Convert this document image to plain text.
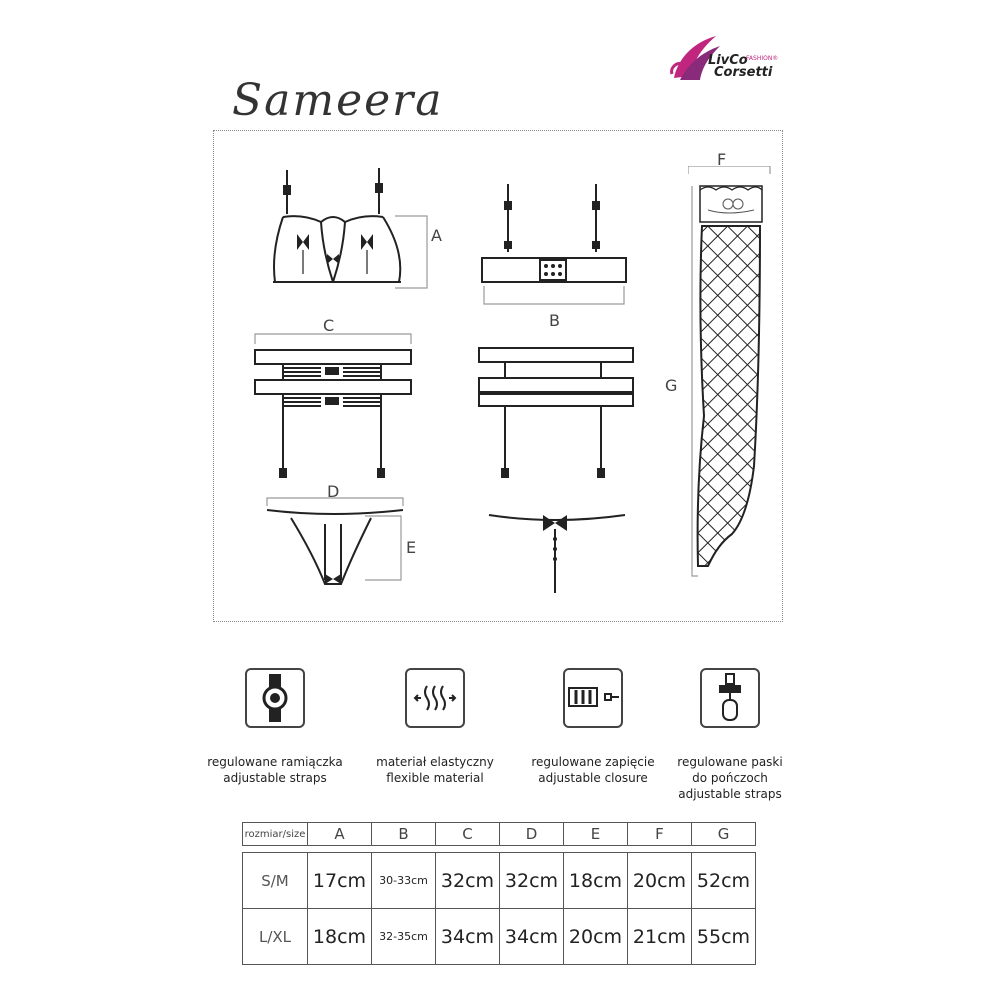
LivCo
FASHION®
Corsetti
Sameera
A
B
C
D
E
F
G
regulowane ramiączka
adjustable straps
materiał elastyczny
flexible material
regulowane zapięcie
adjustable closure
regulowane paski
do pończoch
adjustable straps
rozmiar/size	A	B	C	D	E	F	G

S/M	17cm	30-33cm	32cm	32cm	18cm	20cm	52cm
L/XL	18cm	32-35cm	34cm	34cm	20cm	21cm	55cm
